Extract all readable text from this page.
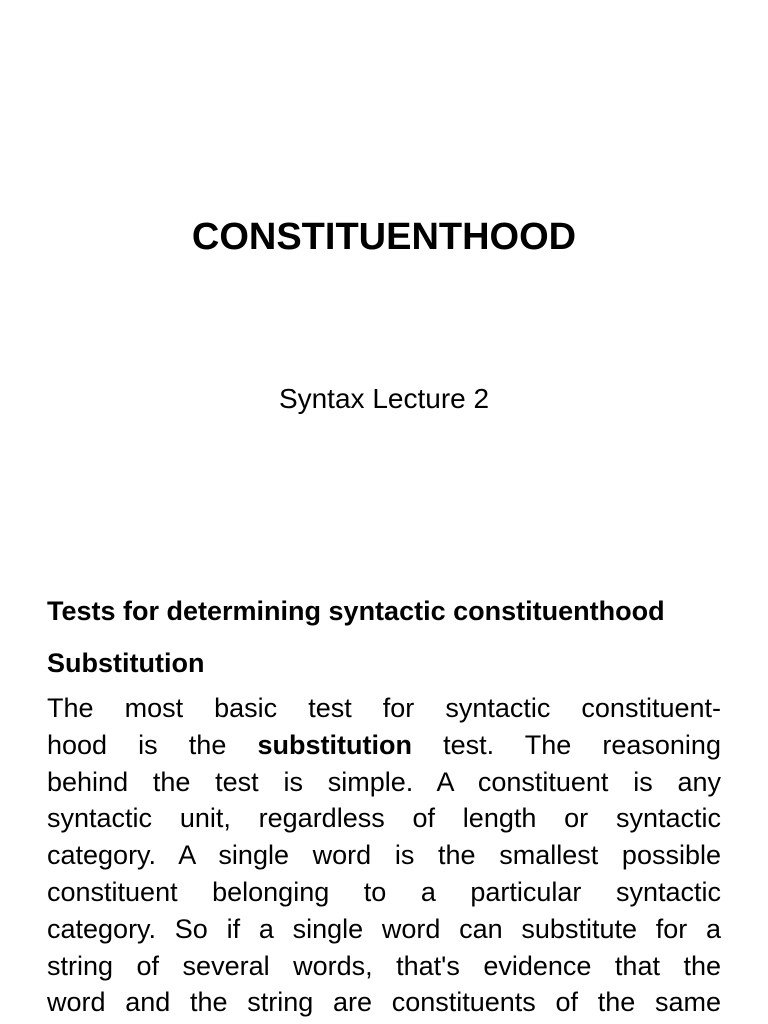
CONSTITUENTHOOD

Syntax Lecture 2

Tests for determining syntactic constituenthood

Substitution

The most basic test for syntactic constituent-
hood is the substitution test. The reasoning
behind the test is simple. A constituent is any
syntactic unit, regardless of length or syntactic
category. A single word is the smallest possible
constituent belonging to a particular syntactic
category. So if a single word can substitute for a
string of several words, that's evidence that the
word and the string are constituents of the same
